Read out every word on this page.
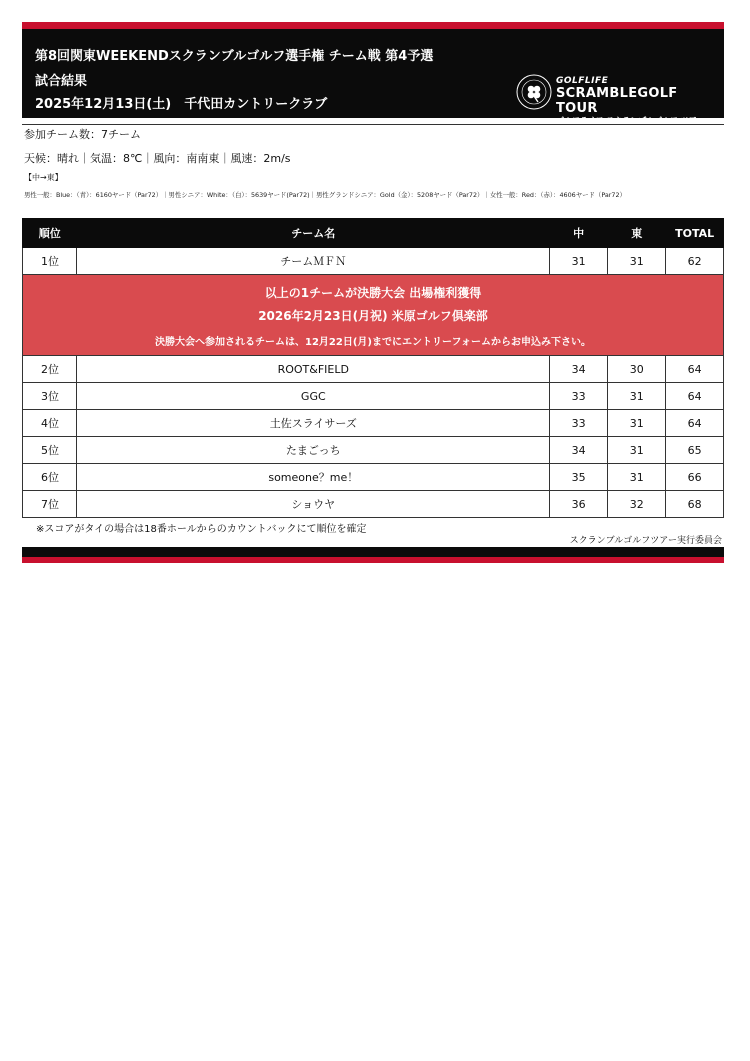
第8回関東WEEKENDスクランブルゴルフ選手権 チーム戦 第4予選
試合結果
2025年12月13日(土)　千代田カントリークラブ
GOLFLIFE
SCRAMBLEGOLF TOUR
ゴルフライフ スクランブルゴルフ ツアー
参加チーム数：7チーム
天候：晴れ｜気温：8℃｜風向：南南東｜風速：2m/s
【中→東】
男性一般：Blue：（青）：6160ヤード（Par72）｜男性シニア：White：（白）：5639ヤード(Par72)｜男性グランドシニア：Gold（金）：5208ヤード（Par72）｜女性一般：Red：（赤）：4606ヤード（Par72）
順位	チーム名	中	東	TOTAL
1位	チームＭＦＮ	31	31	62

以上の1チームが決勝大会 出場権利獲得
2026年2月23日(月祝) 米原ゴルフ倶楽部
決勝大会へ参加されるチームは、12月22日(月)までにエントリーフォームからお申込み下さい。				

2位	ROOT&FIELD	34	30	64
3位	GGC	33	31	64
4位	土佐スライサーズ	33	31	64
5位	たまごっち	34	31	65
6位	someone？me！	35	31	66
7位	ショウヤ	36	32	68
※スコアがタイの場合は18番ホールからのカウントバックにて順位を確定
スクランブルゴルフツアー実行委員会
